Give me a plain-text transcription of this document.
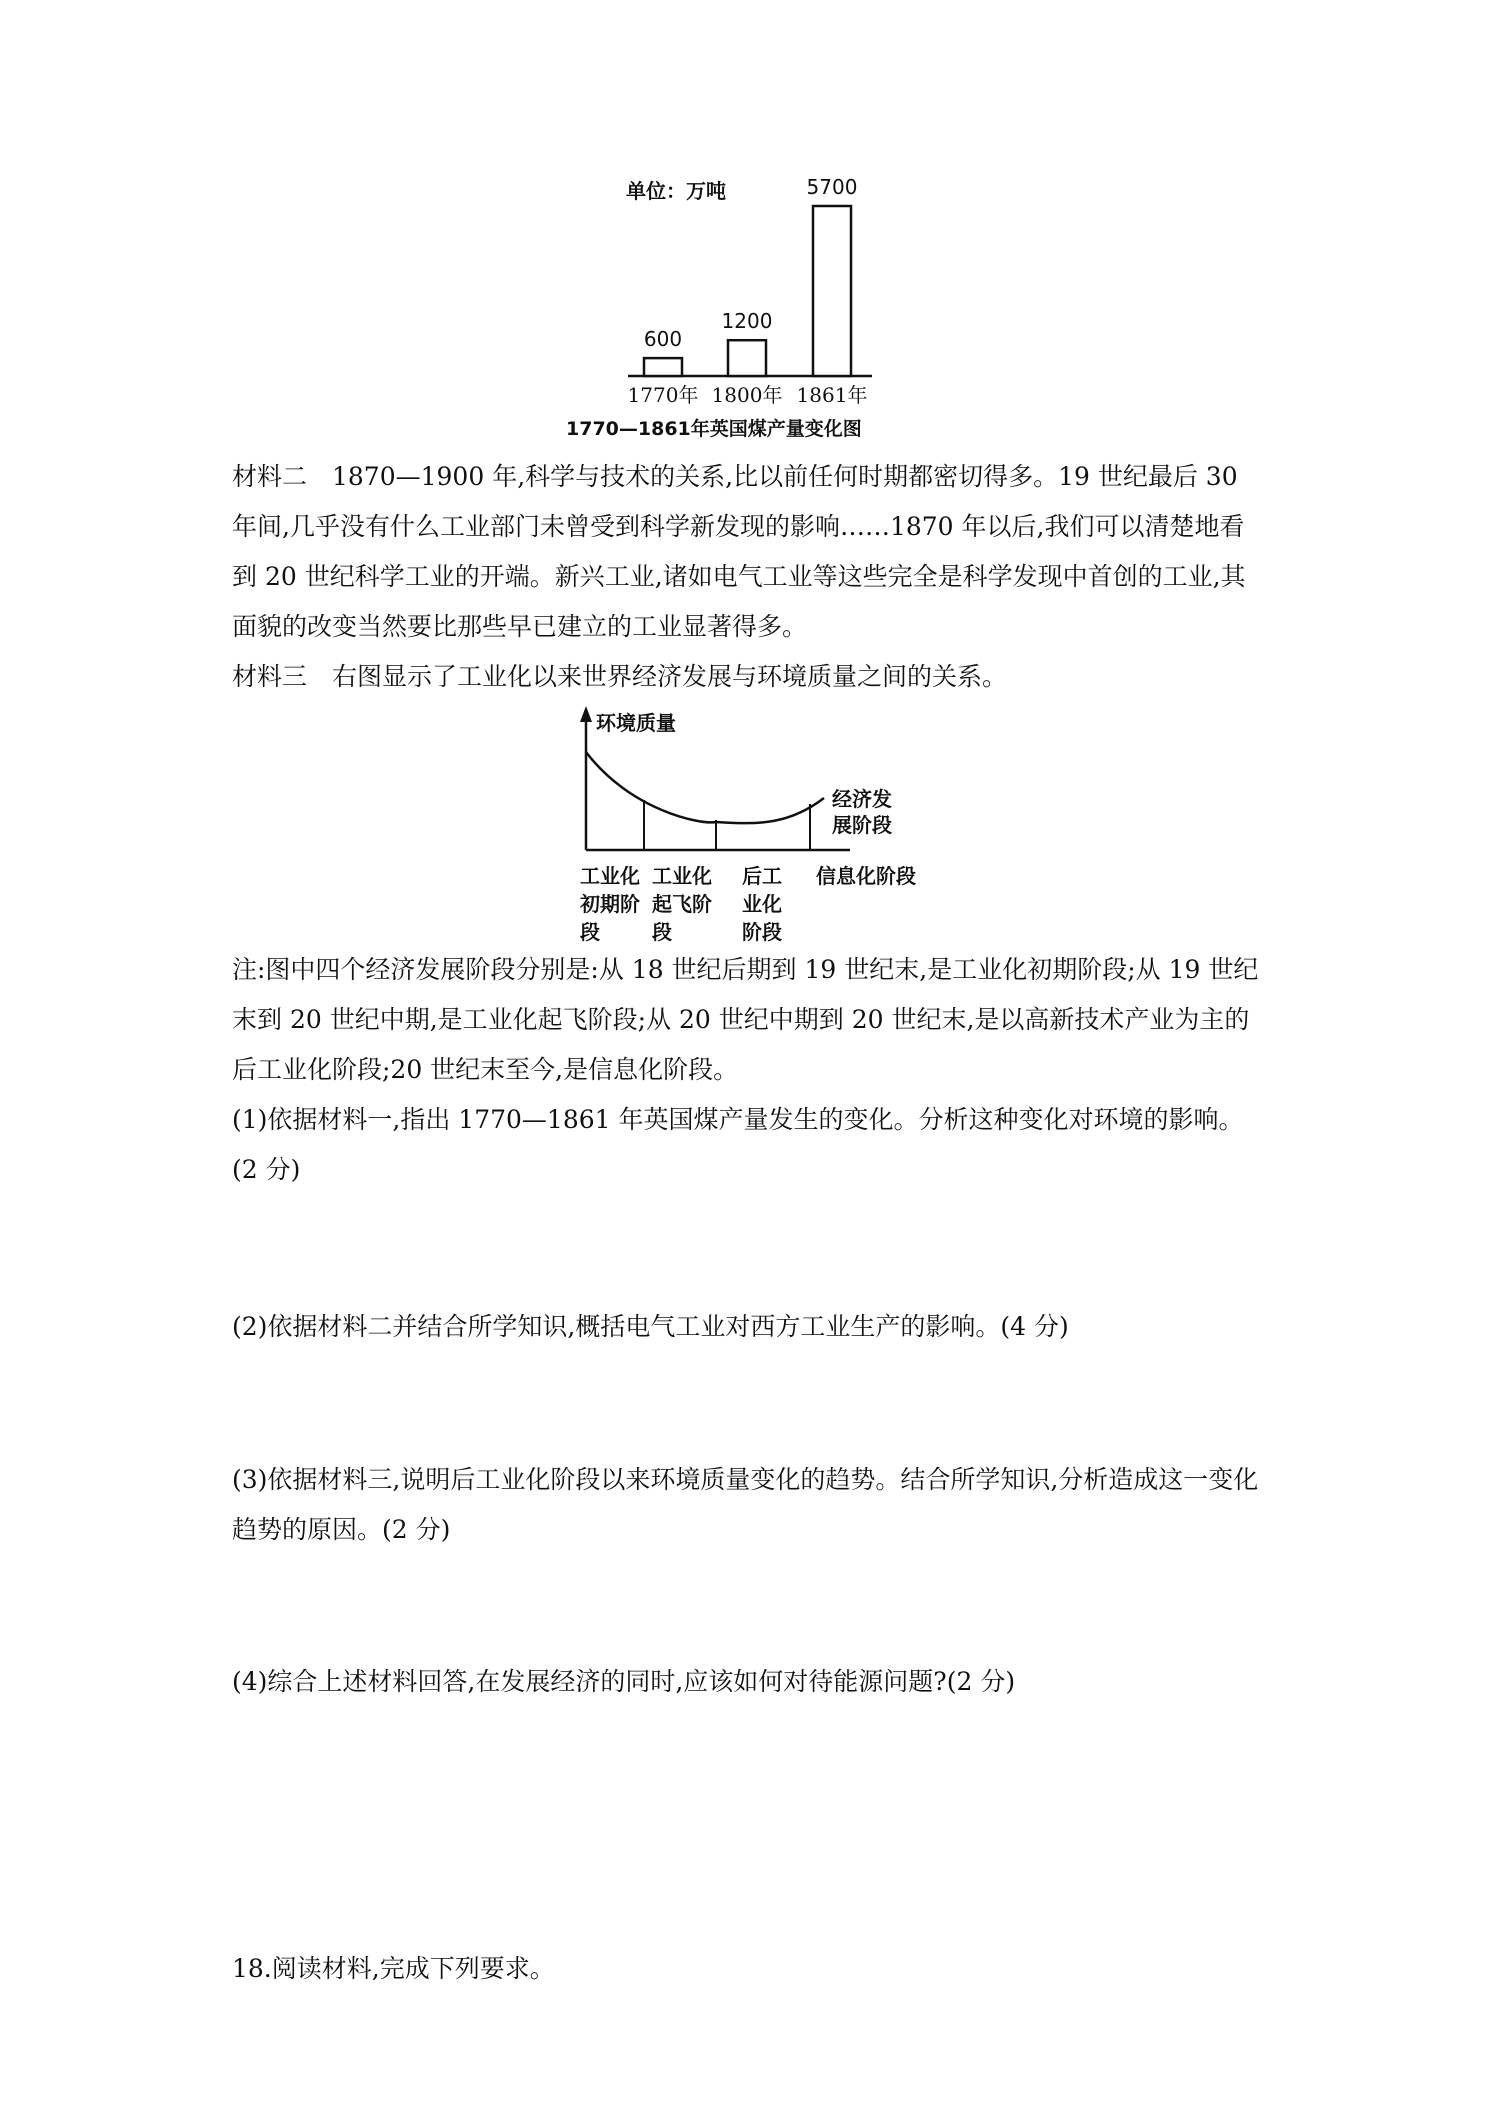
单位：万吨
600
1770年
1200
1800年
5700
1861年
1770—1861年英国煤产量变化图

材料二　1870—1900 年,科学与技术的关系,比以前任何时期都密切得多。19 世纪最后 30 年间,几乎没有什么工业部门未曾受到科学新发现的影响……1870 年以后,我们可以清楚地看到 20 世纪科学工业的开端。新兴工业,诸如电气工业等这些完全是科学发现中首创的工业,其面貌的改变当然要比那些早已建立的工业显著得多。

材料三　右图显示了工业化以来世界经济发展与环境质量之间的关系。

环境质量
经济发
展阶段
工业化
初期阶
段
工业化
起飞阶
段
后工
业化
阶段
信息化阶段

注:图中四个经济发展阶段分别是:从 18 世纪后期到 19 世纪末,是工业化初期阶段;从 19 世纪末到 20 世纪中期,是工业化起飞阶段;从 20 世纪中期到 20 世纪末,是以高新技术产业为主的后工业化阶段;20 世纪末至今,是信息化阶段。

(1)依据材料一,指出 1770—1861 年英国煤产量发生的变化。分析这种变化对环境的影响。(2 分)

(2)依据材料二并结合所学知识,概括电气工业对西方工业生产的影响。(4 分)

(3)依据材料三,说明后工业化阶段以来环境质量变化的趋势。结合所学知识,分析造成这一变化趋势的原因。(2 分)

(4)综合上述材料回答,在发展经济的同时,应该如何对待能源问题?(2 分)

18.阅读材料,完成下列要求。
